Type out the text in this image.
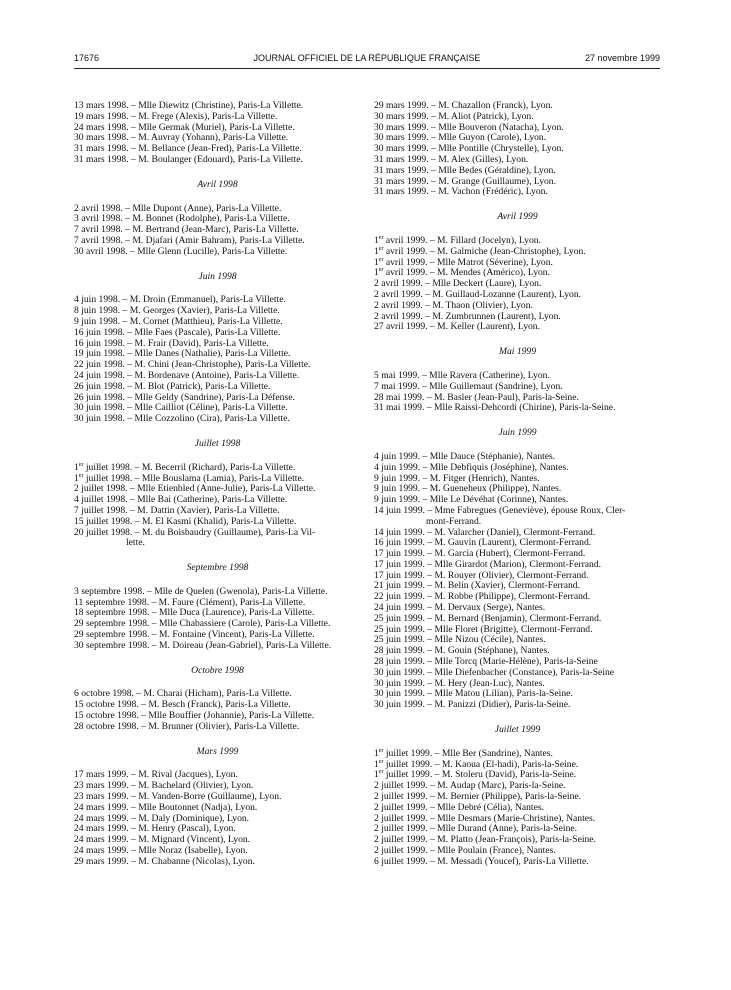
17676	JOURNAL OFFICIEL DE LA RÉPUBLIQUE FRANÇAISE	27 novembre 1999
13 mars 1998. – Mlle Diewitz (Christine), Paris-La Villette.
19 mars 1998. – M. Frege (Alexis), Paris-La Villette.
24 mars 1998. – Mlle Germak (Muriel), Paris-La Villette.
30 mars 1998. – M. Auvray (Yohann), Paris-La Villette.
31 mars 1998. – M. Bellance (Jean-Fred), Paris-La Villette.
31 mars 1998. – M. Boulanger (Edouard), Paris-La Villette.
Avril 1998
2 avril 1998. – Mlle Dupont (Anne), Paris-La Villette.
3 avril 1998. – M. Bonnet (Rodolphe), Paris-La Villette.
7 avril 1998. – M. Bertrand (Jean-Marc), Paris-La Villette.
7 avril 1998. – M. Djafari (Amir Bahram), Paris-La Villette.
30 avril 1998. – Mlle Glenn (Lucille), Paris-La Villette.
Juin 1998
4 juin 1998. – M. Droin (Emmanuel), Paris-La Villette.
8 juin 1998. – M. Georges (Xavier), Paris-La Villette.
9 juin 1998. – M. Cornet (Matthieu), Paris-La Villette.
16 juin 1998. – Mlle Faes (Pascale), Paris-La Villette.
16 juin 1998. – M. Frair (David), Paris-La Villette.
19 juin 1998. – Mlle Danes (Nathalie), Paris-La Villette.
22 juin 1998. – M. Chini (Jean-Christophe), Paris-La Villette.
24 juin 1998. – M. Bordenave (Antoine), Paris-La Villette.
26 juin 1998. – M. Blot (Patrick), Paris-La Villette.
26 juin 1998. – Mlle Geldy (Sandrine), Paris-La Défense.
30 juin 1998. – Mlle Cailliot (Céline), Paris-La Villette.
30 juin 1998. – Mlle Cozzolino (Cira), Paris-La Villette.
Juillet 1998
1er juillet 1998. – M. Becerril (Richard), Paris-La Villette.
1er juillet 1998. – Mlle Bouslama (Lamia), Paris-La Villette.
2 juillet 1998. – Mlle Etienbled (Anne-Julie), Paris-La Villette.
4 juillet 1998. – Mlle Bai (Catherine), Paris-La Villette.
7 juillet 1998. – M. Dattin (Xavier), Paris-La Villette.
15 juillet 1998. – M. El Kasmi (Khalid), Paris-La Villette.
20 juillet 1998. – M. du Boisbaudry (Guillaume), Paris-La Vil-
lette.
Septembre 1998
3 septembre 1998. – Mlle de Quelen (Gwenola), Paris-La Villette.
11 septembre 1998. – M. Faure (Clément), Paris-La Villette.
18 septembre 1998. – Mlle Duca (Laurence), Paris-La Villette.
29 septembre 1998. – Mlle Chabassiere (Carole), Paris-La Villette.
29 septembre 1998. – M. Fontaine (Vincent), Paris-La Villette.
30 septembre 1998. – M. Doireau (Jean-Gabriel), Paris-La Villette.
Octobre 1998
6 octobre 1998. – M. Charai (Hicham), Paris-La Villette.
15 octobre 1998. – M. Besch (Franck), Paris-La Villette.
15 octobre 1998. – Mlle Bouffier (Johannie), Paris-La Villette.
28 octobre 1998. – M. Brunner (Olivier), Paris-La Villette.
Mars 1999
17 mars 1999. – M. Rival (Jacques), Lyon.
23 mars 1999. – M. Bachelard (Olivier), Lyon.
23 mars 1999. – M. Vanden-Borre (Guillaume), Lyon.
24 mars 1999. – Mlle Boutonnet (Nadja), Lyon.
24 mars 1999. – M. Daly (Dominique), Lyon.
24 mars 1999. – M. Henry (Pascal), Lyon.
24 mars 1999. – M. Mignard (Vincent), Lyon.
24 mars 1999. – Mlle Noraz (Isabelle), Lyon.
29 mars 1999. – M. Chabanne (Nicolas), Lyon.
29 mars 1999. – M. Chazallon (Franck), Lyon.
30 mars 1999. – M. Aliot (Patrick), Lyon.
30 mars 1999. – Mlle Bouveron (Natacha), Lyon.
30 mars 1999. – Mlle Guyon (Carole), Lyon.
30 mars 1999. – Mlle Pontille (Chrystelle), Lyon.
31 mars 1999. – M. Alex (Gilles), Lyon.
31 mars 1999. – Mlle Bedes (Géraldine), Lyon.
31 mars 1999. – M. Grange (Guillaume), Lyon.
31 mars 1999. – M. Vachon (Frédéric), Lyon.
Avril 1999
1er avril 1999. – M. Fillard (Jocelyn), Lyon.
1er avril 1999. – M. Galmiche (Jean-Christophe), Lyon.
1er avril 1999. – Mlle Matrot (Séverine), Lyon.
1er avril 1999. – M. Mendes (Américo), Lyon.
2 avril 1999. – Mlle Deckert (Laure), Lyon.
2 avril 1999. – M. Guillaud-Lozanne (Laurent), Lyon.
2 avril 1999. – M. Thaon (Olivier), Lyon.
2 avril 1999. – M. Zumbrunnen (Laurent), Lyon.
27 avril 1999. – M. Keller (Laurent), Lyon.
Mai 1999
5 mai 1999. – Mlle Ravera (Catherine), Lyon.
7 mai 1999. – Mlle Guillemaut (Sandrine), Lyon.
28 mai 1999. – M. Basler (Jean-Paul), Paris-la-Seine.
31 mai 1999. – Mlle Raissi-Dehcordi (Chirine), Paris-la-Seine.
Juin 1999
4 juin 1999. – Mlle Dauce (Stéphanie), Nantes.
4 juin 1999. – Mlle Debfiquis (Joséphine), Nantes.
9 juin 1999. – M. Fitger (Henrich), Nantes.
9 juin 1999. – M. Gueneheux (Philippe), Nantes.
9 juin 1999. – Mlle Le Dévéhat (Corinne), Nantes.
14 juin 1999. – Mme Fabregues (Geneviève), épouse Roux, Cler-
mont-Ferrand.
14 juin 1999. – M. Valarcher (Daniel), Clermont-Ferrand.
16 juin 1999. – M. Gauvin (Laurent), Clermont-Ferrand.
17 juin 1999. – M. Garcia (Hubert), Clermont-Ferrand.
17 juin 1999. – Mlle Girardot (Marion), Clermont-Ferrand.
17 juin 1999. – M. Rouyer (Olivier), Clermont-Ferrand.
21 juin 1999. – M. Belin (Xavier), Clermont-Ferrand.
22 juin 1999. – M. Robbe (Philippe), Clermont-Ferrand.
24 juin 1999. – M. Dervaux (Serge), Nantes.
25 juin 1999. – M. Bernard (Benjamin), Clermont-Ferrand.
25 juin 1999. – Mlle Floret (Brigitte), Clermont-Ferrand.
25 juin 1999. – Mlle Nizou (Cécile), Nantes.
28 juin 1999. – M. Gouin (Stéphane), Nantes.
28 juin 1999. – Mlle Torcq (Marie-Hélène), Paris-la-Seine
30 juin 1999. – Mlle Diefenbacher (Constance), Paris-la-Seine
30 juin 1999. – M. Hery (Jean-Luc), Nantes.
30 juin 1999. – Mlle Matou (Lilian), Paris-la-Seine.
30 juin 1999. – M. Panizzi (Didier), Paris-la-Seine.
Juillet 1999
1er juillet 1999. – Mlle Ber (Sandrine), Nantes.
1er juillet 1999. – M. Kaoua (El-hadi), Paris-la-Seine.
1er juillet 1999. – M. Stoleru (David), Paris-la-Seine.
2 juillet 1999. – M. Audap (Marc), Paris-la-Seine.
2 juillet 1999. – M. Bernier (Philippe), Paris-la-Seine.
2 juillet 1999. – Mlle Debré (Célia), Nantes.
2 juillet 1999. – Mlle Desmars (Marie-Christine), Nantes.
2 juillet 1999. – Mlle Durand (Anne), Paris-la-Seine.
2 juillet 1999. – M. Platto (Jean-François), Paris-la-Seine.
2 juillet 1999. – Mlle Poulain (France), Nantes.
6 juillet 1999. – M. Messadi (Youcef), Paris-La Villette.
